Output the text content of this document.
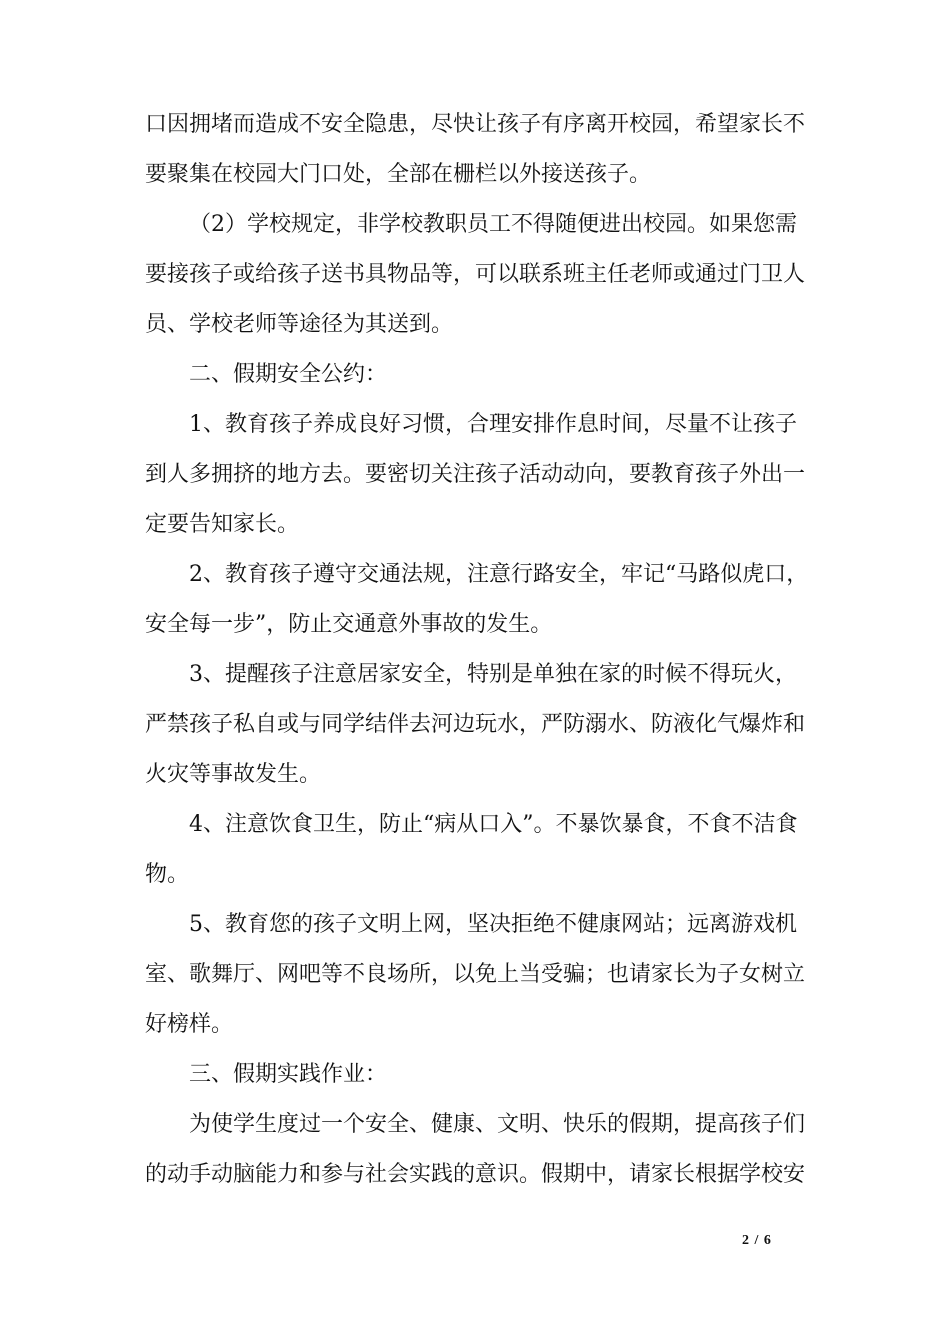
口因拥堵而造成不安全隐患，尽快让孩子有序离开校园，希望家长不
要聚集在校园大门口处，全部在栅栏以外接送孩子。
（2）学校规定，非学校教职员工不得随便进出校园。如果您需
要接孩子或给孩子送书具物品等，可以联系班主任老师或通过门卫人
员、学校老师等途径为其送到。
二、假期安全公约：
1、教育孩子养成良好习惯，合理安排作息时间，尽量不让孩子
到人多拥挤的地方去。要密切关注孩子活动动向，要教育孩子外出一
定要告知家长。
2、教育孩子遵守交通法规，注意行路安全，牢记“马路似虎口，
安全每一步”，防止交通意外事故的发生。
3、提醒孩子注意居家安全，特别是单独在家的时候不得玩火，
严禁孩子私自或与同学结伴去河边玩水，严防溺水、防液化气爆炸和
火灾等事故发生。
4、注意饮食卫生，防止“病从口入”。不暴饮暴食，不食不洁食
物。
5、教育您的孩子文明上网，坚决拒绝不健康网站；远离游戏机
室、歌舞厅、网吧等不良场所，以免上当受骗；也请家长为子女树立
好榜样。
三、假期实践作业：
为使学生度过一个安全、健康、文明、快乐的假期，提高孩子们
的动手动脑能力和参与社会实践的意识。假期中，请家长根据学校安
2 / 6
